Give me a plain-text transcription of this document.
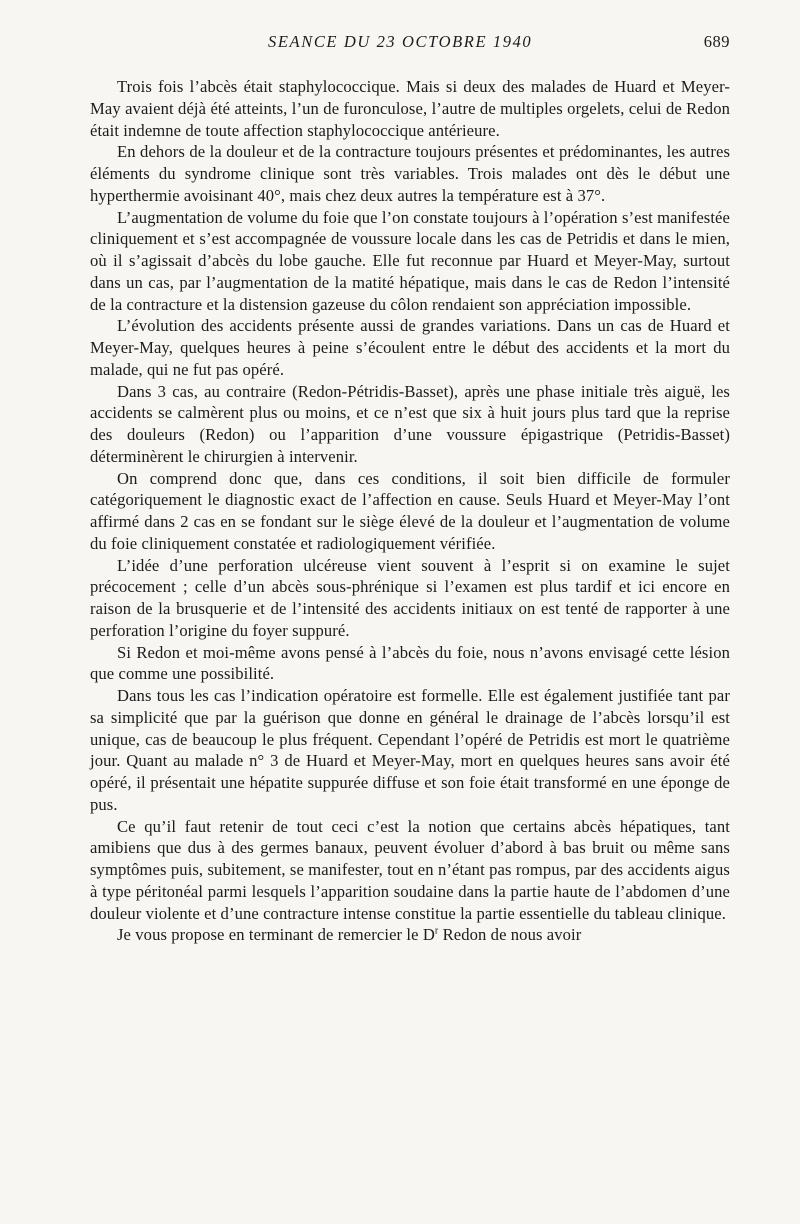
SEANCE DU 23 OCTOBRE 1940	689

Trois fois l’abcès était staphylococcique. Mais si deux des malades de Huard et Meyer-May avaient déjà été atteints, l’un de furonculose, l’autre de multiples orgelets, celui de Redon était indemne de toute affection staphylococcique antérieure.

En dehors de la douleur et de la contracture toujours présentes et prédominantes, les autres éléments du syndrome clinique sont très variables. Trois malades ont dès le début une hyperthermie avoisinant 40°, mais chez deux autres la température est à 37°.

L’augmentation de volume du foie que l’on constate toujours à l’opération s’est manifestée cliniquement et s’est accompagnée de voussure locale dans les cas de Petridis et dans le mien, où il s’agissait d’abcès du lobe gauche. Elle fut reconnue par Huard et Meyer-May, surtout dans un cas, par l’augmentation de la matité hépatique, mais dans le cas de Redon l’intensité de la contracture et la distension gazeuse du côlon rendaient son appréciation impossible.

L’évolution des accidents présente aussi de grandes variations. Dans un cas de Huard et Meyer-May, quelques heures à peine s’écoulent entre le début des accidents et la mort du malade, qui ne fut pas opéré.

Dans 3 cas, au contraire (Redon-Pétridis-Basset), après une phase initiale très aiguë, les accidents se calmèrent plus ou moins, et ce n’est que six à huit jours plus tard que la reprise des douleurs (Redon) ou l’apparition d’une voussure épigastrique (Petridis-Basset) déterminèrent le chirurgien à intervenir.

On comprend donc que, dans ces conditions, il soit bien difficile de formuler catégoriquement le diagnostic exact de l’affection en cause. Seuls Huard et Meyer-May l’ont affirmé dans 2 cas en se fondant sur le siège élevé de la douleur et l’augmentation de volume du foie cliniquement constatée et radiologiquement vérifiée.

L’idée d’une perforation ulcéreuse vient souvent à l’esprit si on examine le sujet précocement ; celle d’un abcès sous-phrénique si l’examen est plus tardif et ici encore en raison de la brusquerie et de l’intensité des accidents initiaux on est tenté de rapporter à une perforation l’origine du foyer suppuré.

Si Redon et moi-même avons pensé à l’abcès du foie, nous n’avons envisagé cette lésion que comme une possibilité.

Dans tous les cas l’indication opératoire est formelle. Elle est également justifiée tant par sa simplicité que par la guérison que donne en général le drainage de l’abcès lorsqu’il est unique, cas de beaucoup le plus fréquent. Cependant l’opéré de Petridis est mort le quatrième jour. Quant au malade n° 3 de Huard et Meyer-May, mort en quelques heures sans avoir été opéré, il présentait une hépatite suppurée diffuse et son foie était transformé en une éponge de pus.

Ce qu’il faut retenir de tout ceci c’est la notion que certains abcès hépatiques, tant amibiens que dus à des germes banaux, peuvent évoluer d’abord à bas bruit ou même sans symptômes puis, subitement, se manifester, tout en n’étant pas rompus, par des accidents aigus à type péritonéal parmi lesquels l’apparition soudaine dans la partie haute de l’abdomen d’une douleur violente et d’une contracture intense constitue la partie essentielle du tableau clinique.

Je vous propose en terminant de remercier le $D^r$ Redon de nous avoir
